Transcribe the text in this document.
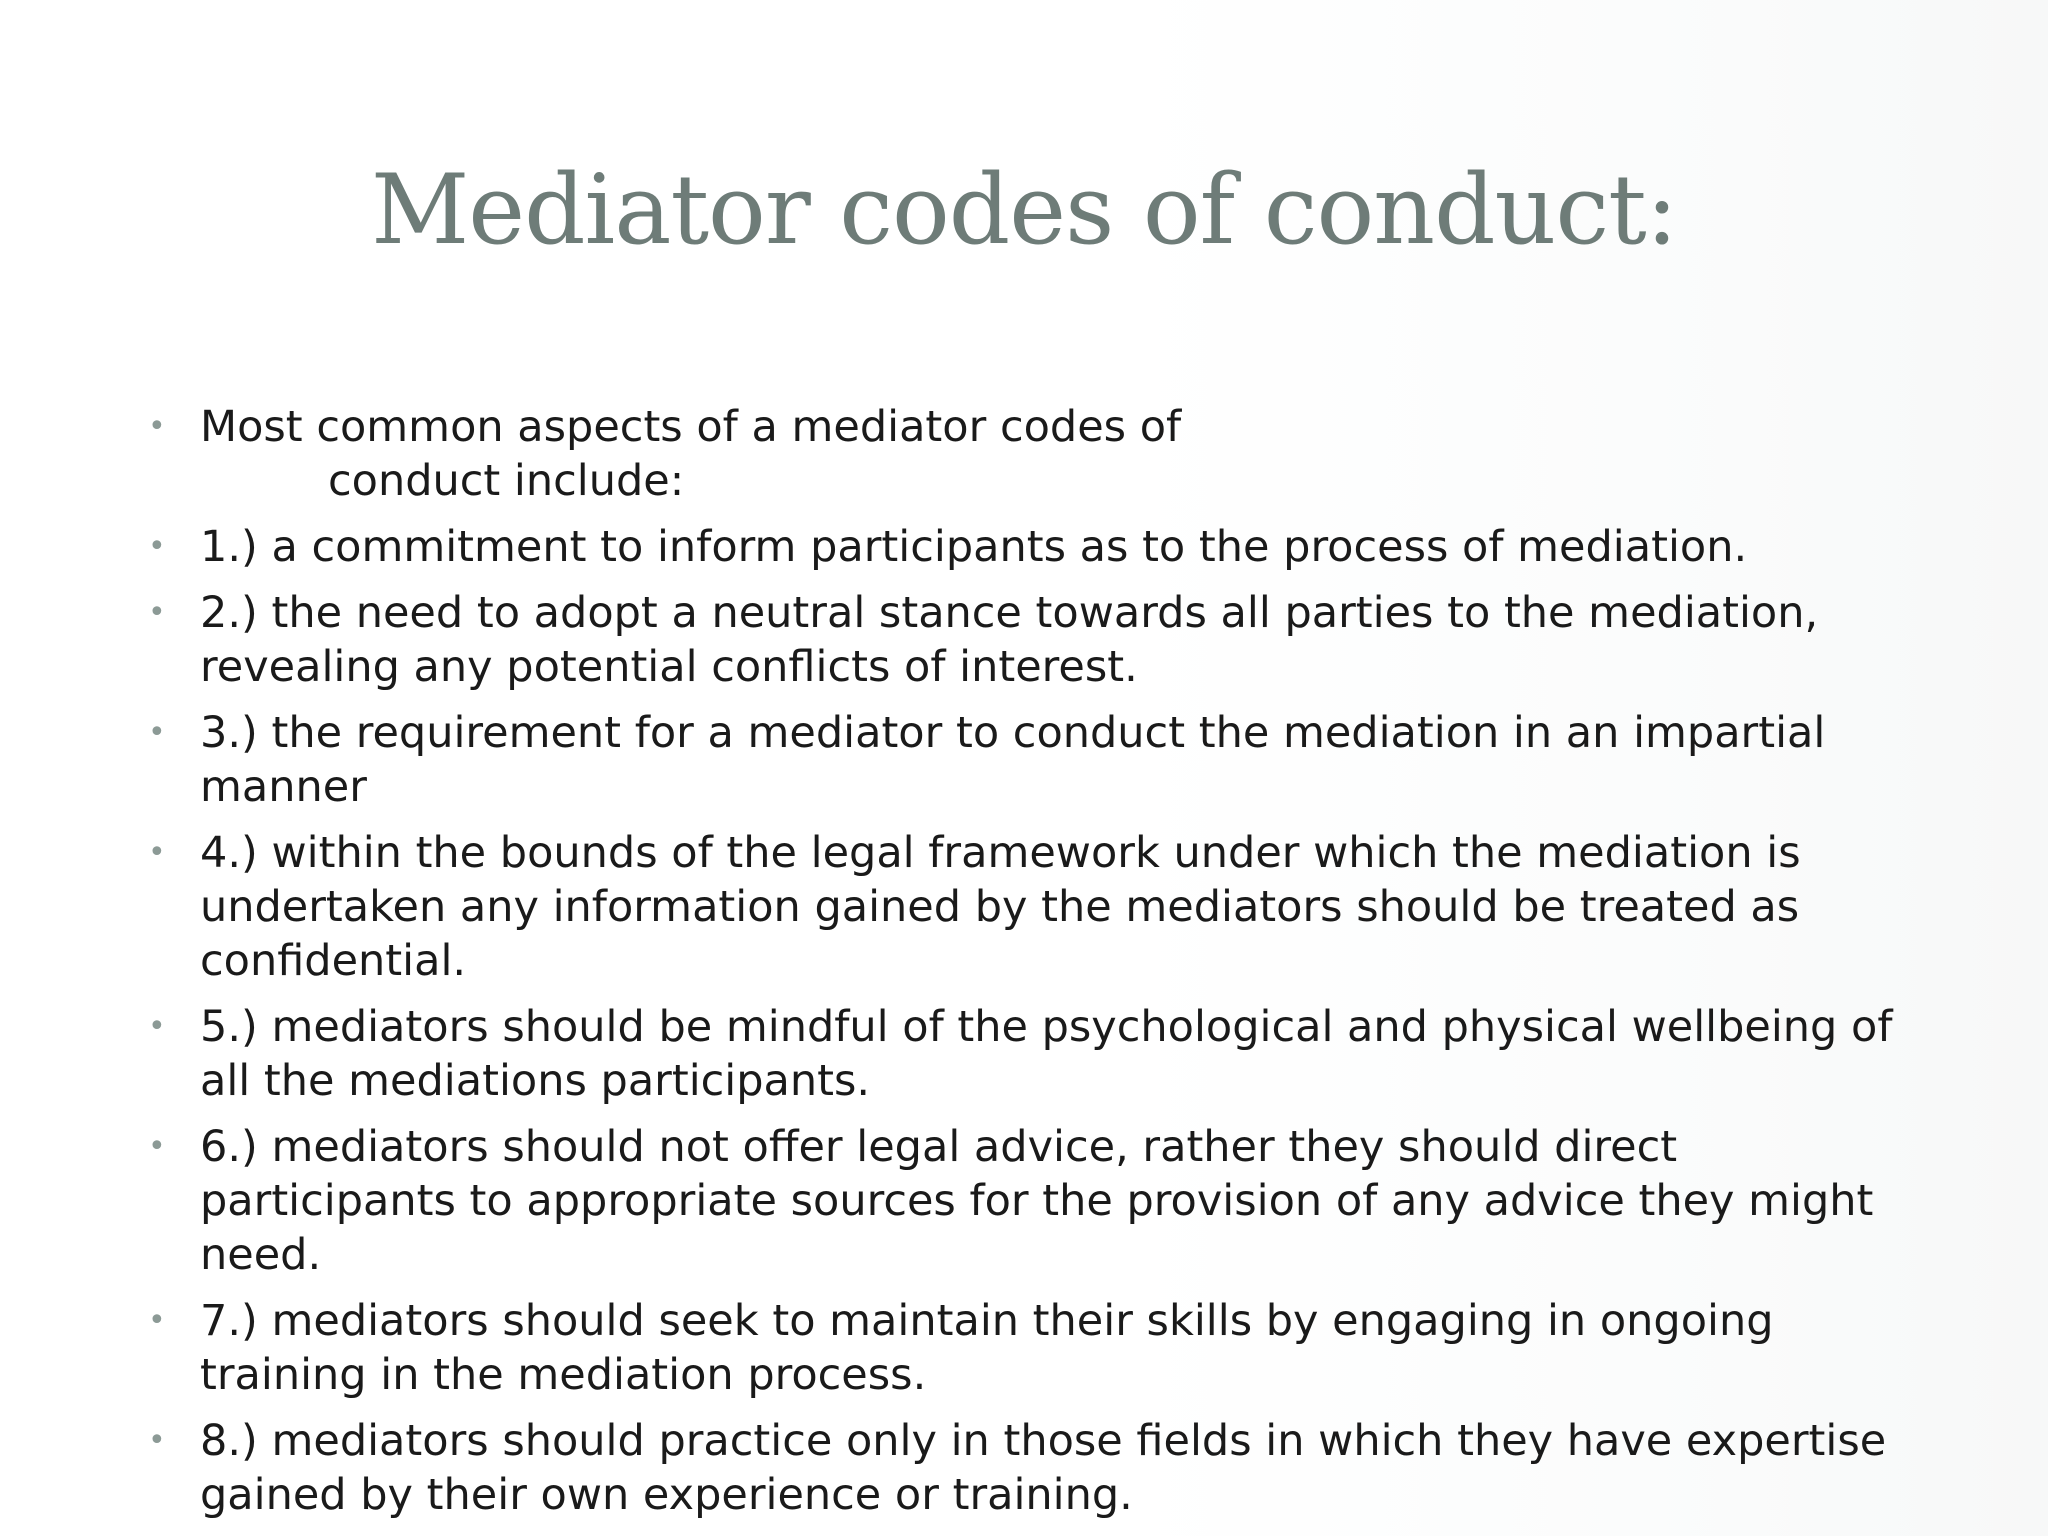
Mediator codes of conduct:
• Most common aspects of a mediator codes of
conduct include:
• 1.) a commitment to inform participants as to the process of mediation.
• 2.) the need to adopt a neutral stance towards all parties to the mediation, revealing any potential conflicts of interest.
• 3.) the requirement for a mediator to conduct the mediation in an impartial manner
• 4.) within the bounds of the legal framework under which the mediation is undertaken any information gained by the mediators should be treated as confidential.
• 5.) mediators should be mindful of the psychological and physical wellbeing of all the mediations participants.
• 6.) mediators should not offer legal advice, rather they should direct participants to appropriate sources for the provision of any advice they might need.
• 7.) mediators should seek to maintain their skills by engaging in ongoing training in the mediation process.
• 8.) mediators should practice only in those fields in which they have expertise gained by their own experience or training.
